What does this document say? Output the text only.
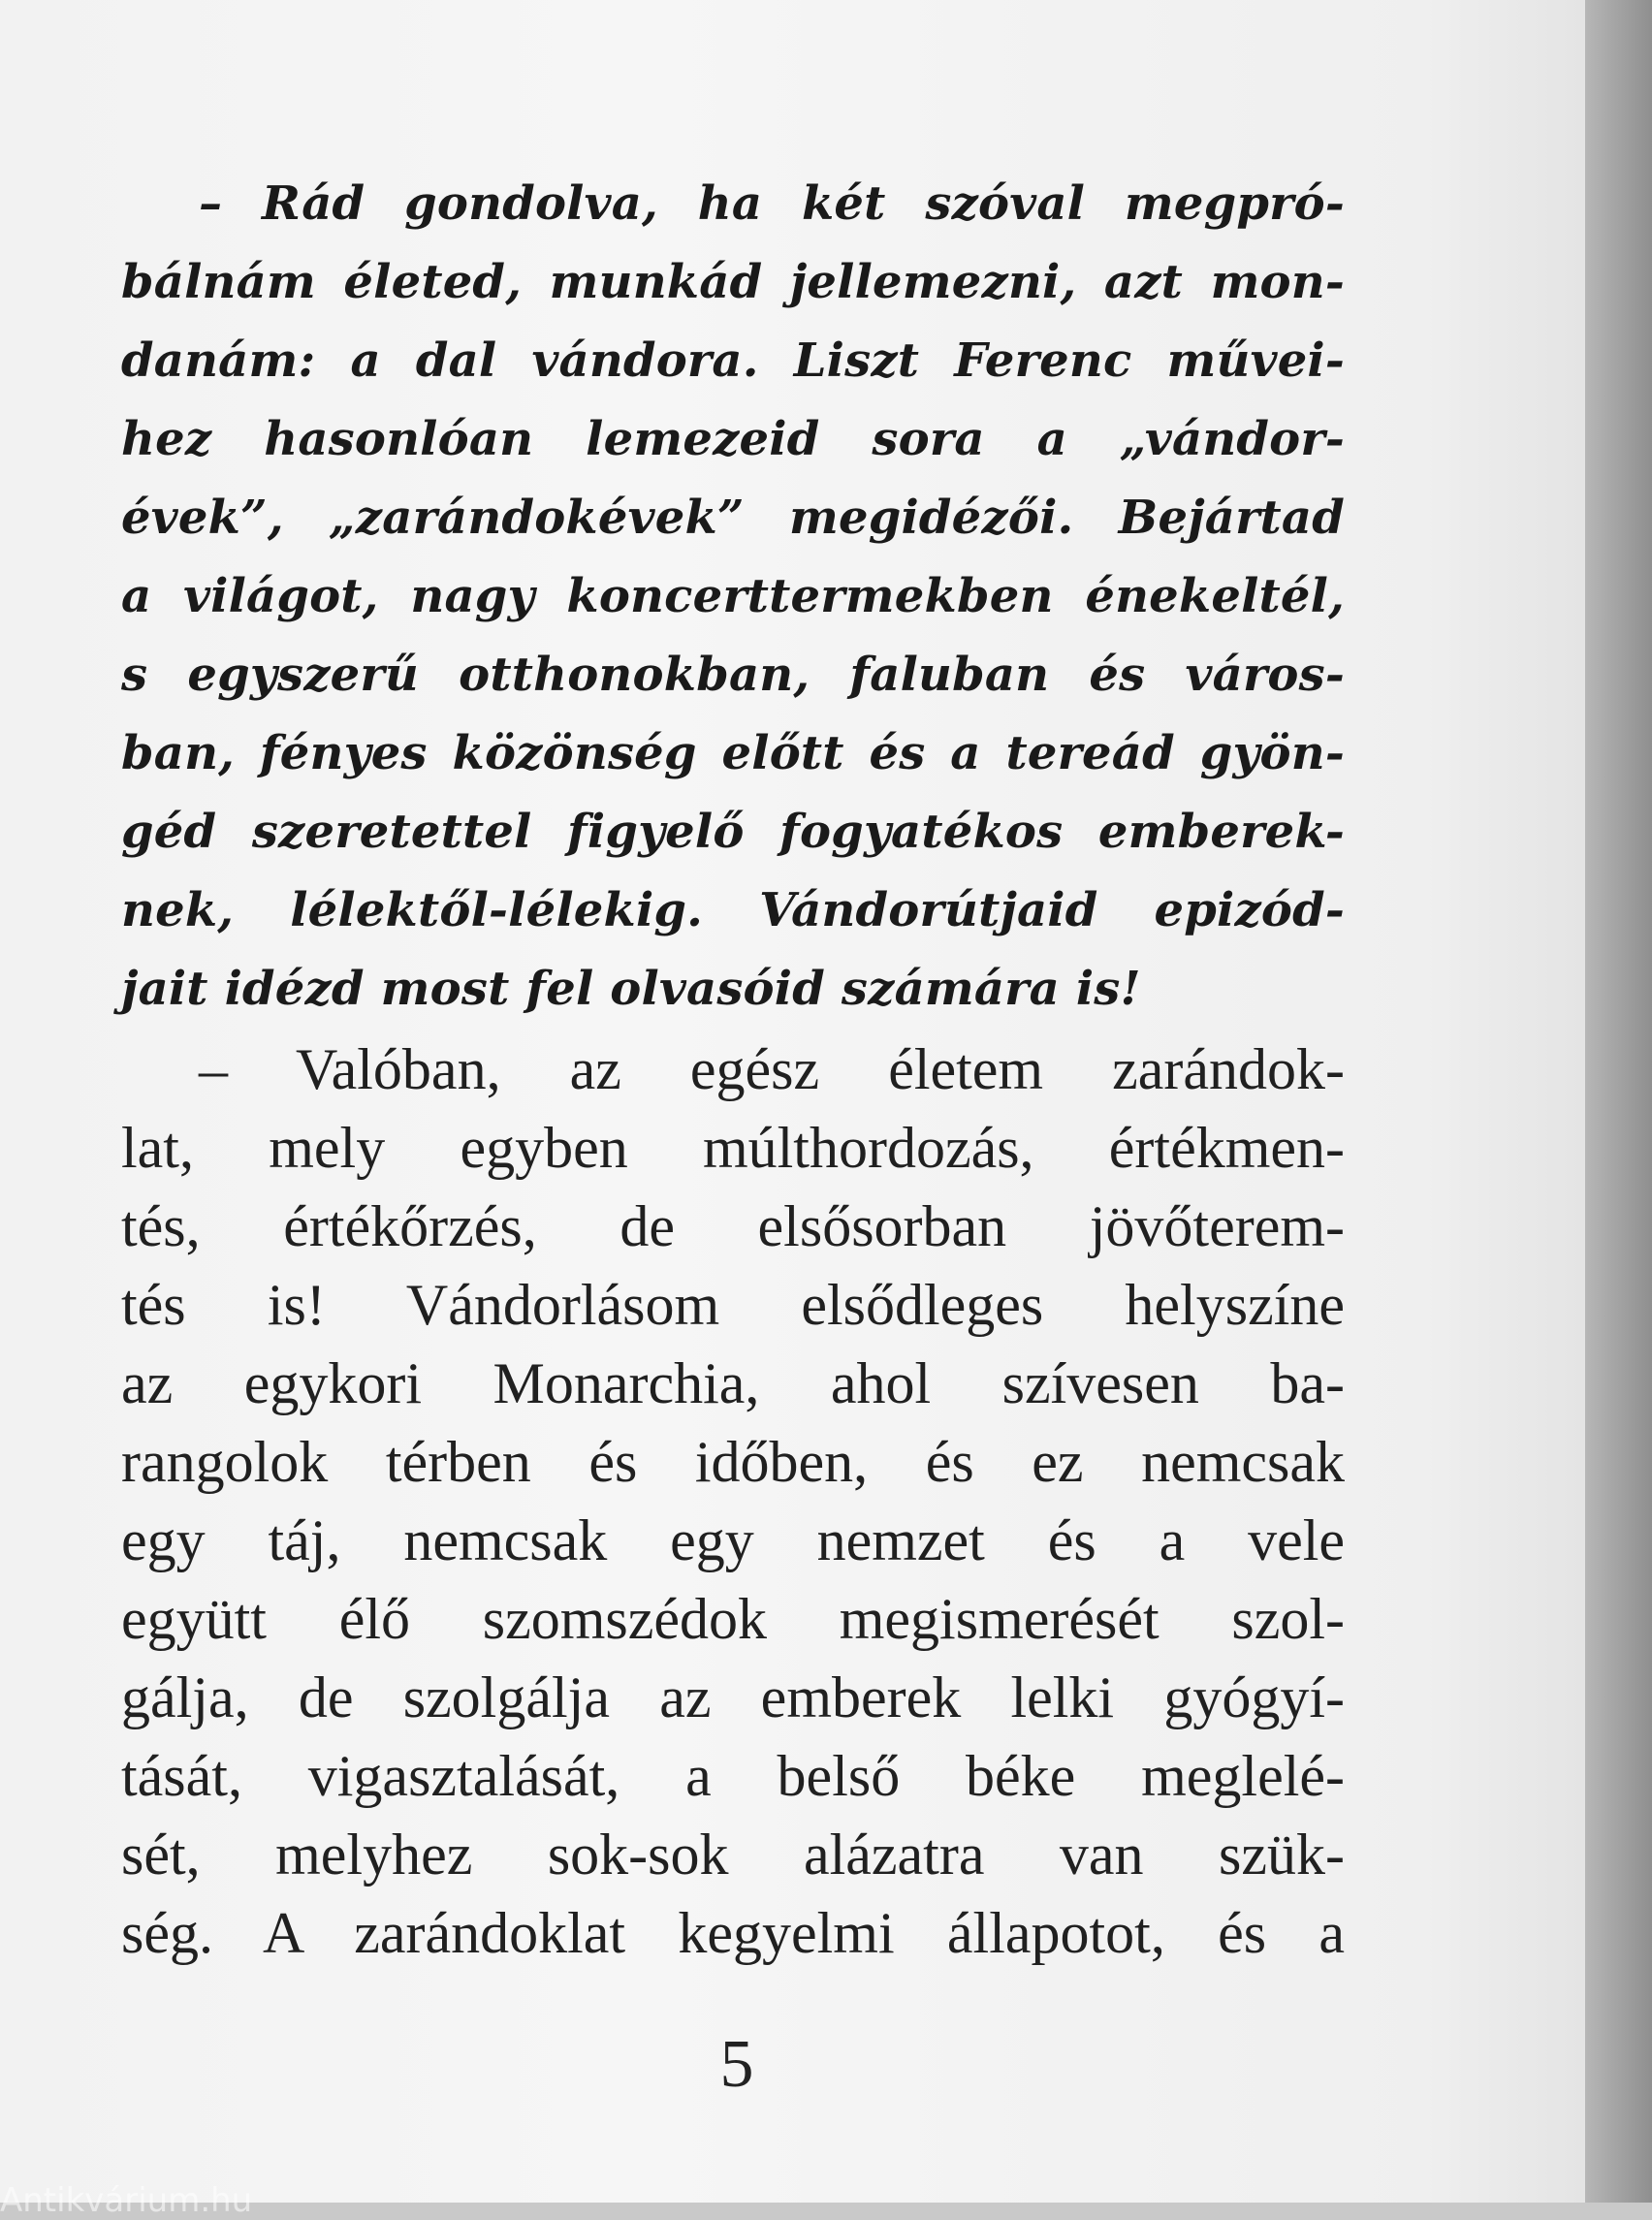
– Rád gondolva, ha két szóval megpró-
bálnám életed, munkád jellemezni, azt mon-
danám: a dal vándora. Liszt Ferenc művei-
hez hasonlóan lemezeid sora a „vándor-
évek”, „zarándokévek” megidézői. Bejártad
a világot, nagy koncerttermekben énekeltél,
s egyszerű otthonokban, faluban és város-
ban, fényes közönség előtt és a tereád gyön-
géd szeretettel figyelő fogyatékos emberek-
nek, lélektől-lélekig. Vándorútjaid epizód-
jait idézd most fel olvasóid számára is!
– Valóban, az egész életem zarándok-
lat, mely egyben múlthordozás, értékmen-
tés, értékőrzés, de elsősorban jövőterem-
tés is! Vándorlásom elsődleges helyszíne
az egykori Monarchia, ahol szívesen ba-
rangolok térben és időben, és ez nemcsak
egy táj, nemcsak egy nemzet és a vele
együtt élő szomszédok megismerését szol-
gálja, de szolgálja az emberek lelki gyógyí-
tását, vigasztalását, a belső béke meglelé-
sét, melyhez sok-sok alázatra van szük-
ség. A zarándoklat kegyelmi állapotot, és a
5
Antikvárium.hu
